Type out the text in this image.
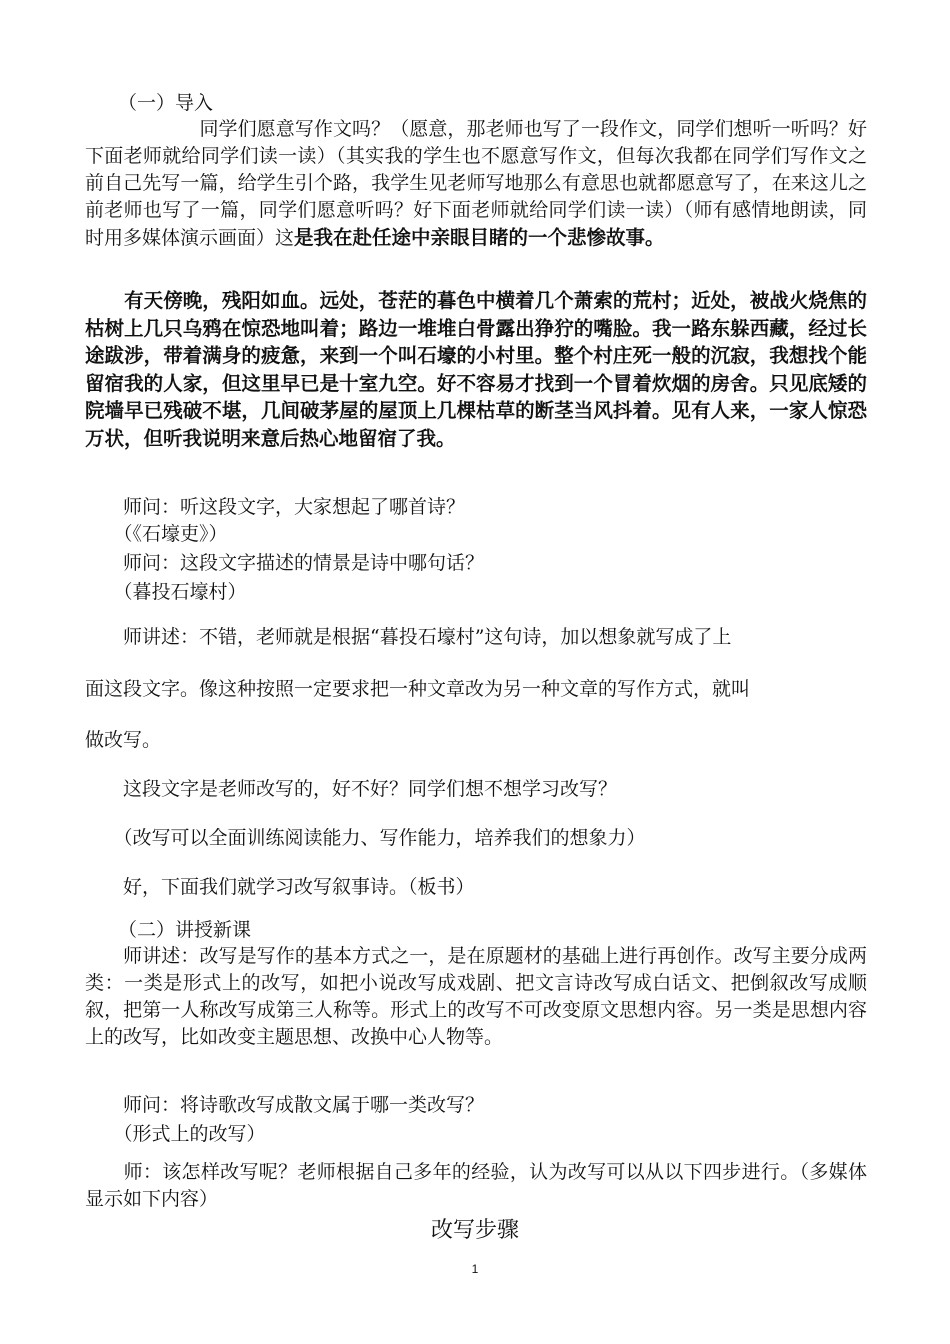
（一）导入

　　　　　　同学们愿意写作文吗？（愿意，那老师也写了一段作文，同学们想听一听吗？好下面老师就给同学们读一读）（其实我的学生也不愿意写作文，但每次我都在同学们写作文之前自己先写一篇，给学生引个路，我学生见老师写地那么有意思也就都愿意写了，在来这儿之前老师也写了一篇，同学们愿意听吗？好下面老师就给同学们读一读）（师有感情地朗读，同时用多媒体演示画面）这是我在赴任途中亲眼目睹的一个悲惨故事。

　　有天傍晚，残阳如血。远处，苍茫的暮色中横着几个萧索的荒村；近处，被战火烧焦的枯树上几只乌鸦在惊恐地叫着；路边一堆堆白骨露出狰狞的嘴脸。我一路东躲西藏，经过长途跋涉，带着满身的疲惫，来到一个叫石壕的小村里。整个村庄死一般的沉寂，我想找个能留宿我的人家，但这里早已是十室九空。好不容易才找到一个冒着炊烟的房舍。只见底矮的院墙早已残破不堪，几间破茅屋的屋顶上几棵枯草的断茎当风抖着。见有人来，一家人惊恐万状，但听我说明来意后热心地留宿了我。

　　师问：听这段文字，大家想起了哪首诗？

　　（《石壕吏》）

　　师问：这段文字描述的情景是诗中哪句话？

　　（暮投石壕村）

　　师讲述：不错，老师就是根据“暮投石壕村”这句诗，加以想象就写成了上

面这段文字。像这种按照一定要求把一种文章改为另一种文章的写作方式，就叫

做改写。

　　这段文字是老师改写的，好不好？同学们想不想学习改写？

　　（改写可以全面训练阅读能力、写作能力，培养我们的想象力）

　　好，下面我们就学习改写叙事诗。（板书）

（二）讲授新课

　　师讲述：改写是写作的基本方式之一，是在原题材的基础上进行再创作。改写主要分成两类：一类是形式上的改写，如把小说改写成戏剧、把文言诗改写成白话文、把倒叙改写成顺叙，把第一人称改写成第三人称等。形式上的改写不可改变原文思想内容。另一类是思想内容上的改写，比如改变主题思想、改换中心人物等。

　　师问：将诗歌改写成散文属于哪一类改写？

　　（形式上的改写）

　　师：该怎样改写呢？老师根据自己多年的经验，认为改写可以从以下四步进行。（多媒体显示如下内容）

改写步骤
1
